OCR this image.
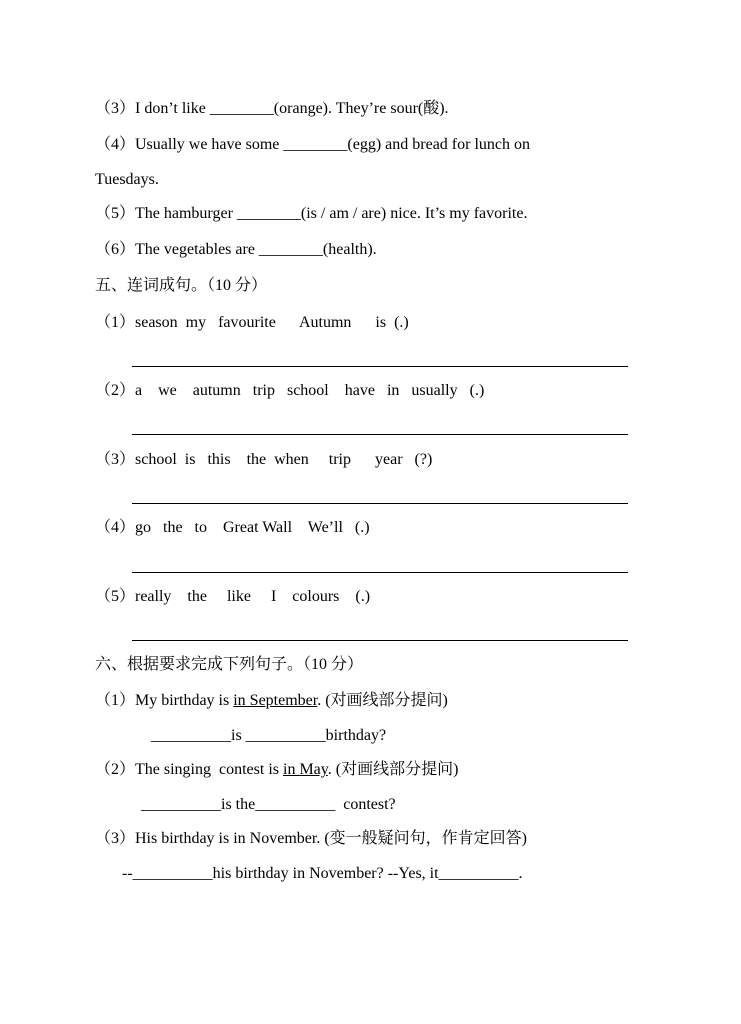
（3）I don’t like ________(orange). They’re sour(酸).
（4）Usually we have some ________(egg) and bread for lunch on
Tuesdays.
（5）The hamburger ________(is / am / are) nice. It’s my favorite.
（6）The vegetables are ________(health).
五、连词成句。（10 分）
（1）season  my   favourite      Autumn      is  (.)
（2）a    we    autumn   trip   school    have   in   usually   (.)
（3）school  is   this    the  when     trip      year   (?)
（4）go   the   to    Great Wall    We’ll   (.)
（5）really    the     like     I    colours    (.)
六、根据要求完成下列句子。（10 分）
（1）My birthday is in September. (对画线部分提问)
__________is __________birthday?
（2）The singing  contest is in May. (对画线部分提问)
__________is the__________  contest?
（3）His birthday is in November. (变一般疑问句，作肯定回答)
--__________his birthday in November? --Yes, it__________.
